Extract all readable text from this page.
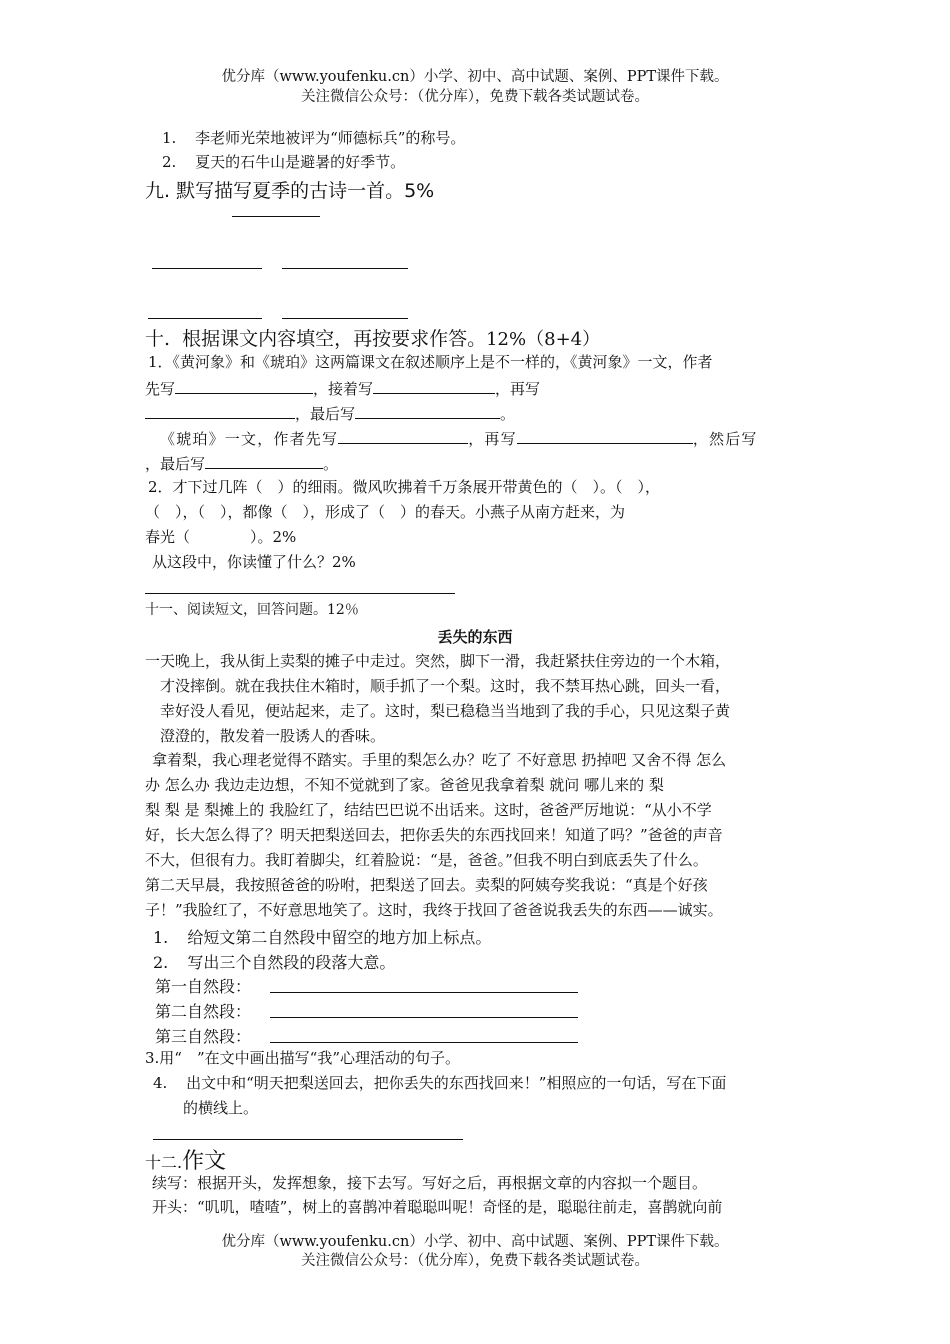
优分库（www.youfenku.cn）小学、初中、高中试题、案例、PPT课件下载。
关注微信公众号：（优分库），免费下载各类试题试卷。
1. 李老师光荣地被评为“师德标兵”的称号。
2. 夏天的石牛山是避暑的好季节。
九. 默写描写夏季的古诗一首。5%
十. 根据课文内容填空，再按要求作答。12%（8+4）
1．《黄河象》和《琥珀》这两篇课文在叙述顺序上是不一样的，《黄河象》一文，作者
先写	，接着写	，再写
，最后写	。
《琥珀》一文，作者先写	，再写	，然后写
，最后写	。
2．才下过几阵（　）的细雨。微风吹拂着千万条展开带黄色的（　）。（　），
（　），（　），都像（　），形成了（　）的春天。小燕子从南方赶来，为
春光（　　　　）。2%
从这段中，你读懂了什么？2%
十一、阅读短文，回答问题。12％
丢失的东西
一天晚上，我从街上卖梨的摊子中走过。突然，脚下一滑，我赶紧扶住旁边的一个木箱，
才没摔倒。就在我扶住木箱时，顺手抓了一个梨。这时，我不禁耳热心跳，回头一看，
幸好没人看见，便站起来，走了。这时，梨已稳稳当当地到了我的手心，只见这梨子黄
澄澄的，散发着一股诱人的香味。
拿着梨，我心理老觉得不踏实。手里的梨怎么办？吃了 不好意思 扔掉吧 又舍不得 怎么
办 怎么办 我边走边想，不知不觉就到了家。爸爸见我拿着梨 就问 哪儿来的 梨
梨 梨 是 梨摊上的 我脸红了，结结巴巴说不出话来。这时，爸爸严厉地说：“从小不学
好，长大怎么得了？明天把梨送回去，把你丢失的东西找回来！知道了吗？”爸爸的声音
不大，但很有力。我盯着脚尖，红着脸说：“是，爸爸。”但我不明白到底丢失了什么。
第二天早晨，我按照爸爸的吩咐，把梨送了回去。卖梨的阿姨夸奖我说：“真是个好孩
子！”我脸红了，不好意思地笑了。这时，我终于找回了爸爸说我丢失的东西——诚实。
1. 给短文第二自然段中留空的地方加上标点。
2. 写出三个自然段的段落大意。
第一自然段：
第二自然段：
第三自然段：
3.用“　”在文中画出描写“我”心理活动的句子。
4. 出文中和“明天把梨送回去，把你丢失的东西找回来！”相照应的一句话，写在下面
的横线上。
十二.作文
续写：根据开头，发挥想象，接下去写。写好之后，再根据文章的内容拟一个题目。
开头：“叽叽，喳喳”，树上的喜鹊冲着聪聪叫呢！奇怪的是，聪聪往前走，喜鹊就向前
优分库（www.youfenku.cn）小学、初中、高中试题、案例、PPT课件下载。
关注微信公众号：（优分库），免费下载各类试题试卷。
